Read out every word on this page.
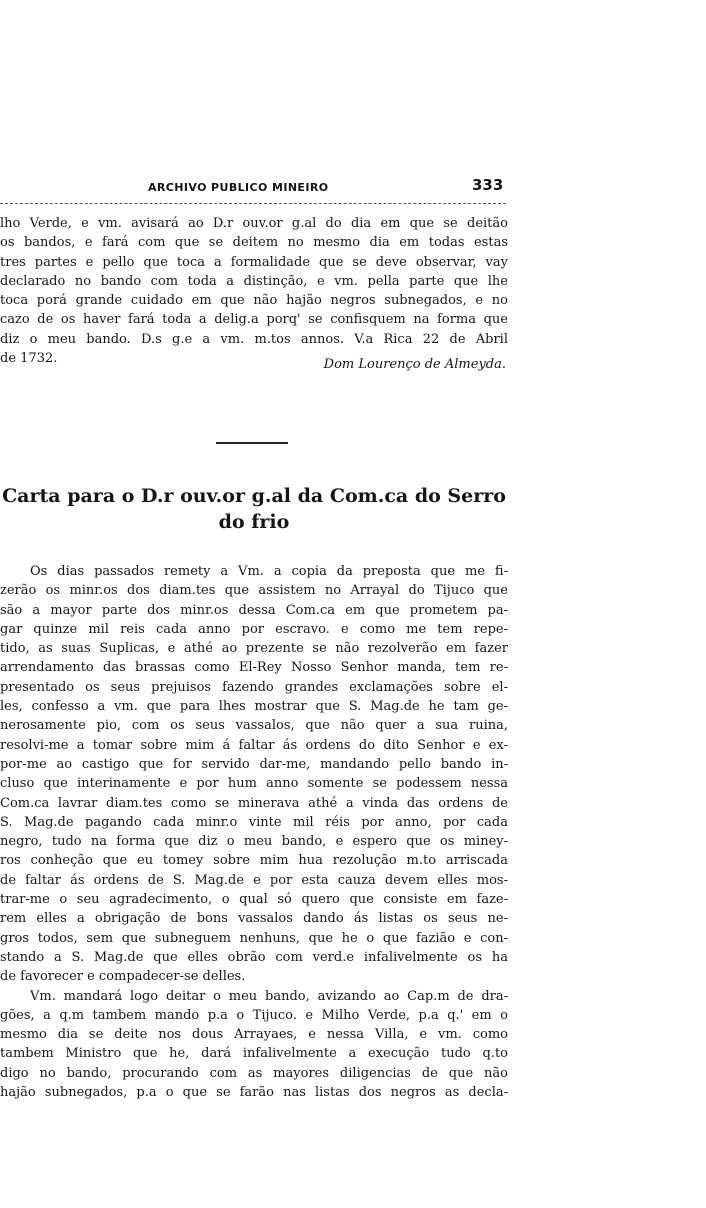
ARCHIVO PUBLICO MINEIRO	333
lho Verde, e vm. avisará ao D.r ouv.or g.al do dia em que se deitão
os bandos, e fará com que se deitem no mesmo dia em todas estas
tres partes e pello que toca a formalidade que se deve observar, vay
declarado no bando com toda a distinção, e vm. pella parte que lhe
toca porá grande cuidado em que não hajão negros subnegados, e no
cazo de os haver fará toda a delig.a porq' se confisquem na forma que
diz o meu bando. D.s g.e a vm. m.tos annos. V.a Rica 22 de Abril
de 1732.	Dom Lourenço de Almeyda.
Carta para o D.r ouv.or g.al da Com.ca do Serro
do frio
Os dias passados remety a Vm. a copia da preposta que me fi-
zerão os minr.os dos diam.tes que assistem no Arrayal do Tijuco que
são a mayor parte dos minr.os dessa Com.ca em que prometem pa-
gar quinze mil reis cada anno por escravo. e como me tem repe-
tido, as suas Suplicas, e athé ao prezente se não rezolverão em fazer
arrendamento das brassas como El-Rey Nosso Senhor manda, tem re-
presentado os seus prejuisos fazendo grandes exclamações sobre el-
les, confesso a vm. que para lhes mostrar que S. Mag.de he tam ge-
nerosamente pio, com os seus vassalos, que não quer a sua ruina,
resolvi-me a tomar sobre mim á faltar ás ordens do dito Senhor e ex-
por-me ao castigo que for servido dar-me, mandando pello bando in-
cluso que interinamente e por hum anno somente se podessem nessa
Com.ca lavrar diam.tes como se minerava athé a vinda das ordens de
S. Mag.de pagando cada minr.o vinte mil réis por anno, por cada
negro, tudo na forma que diz o meu bando, e espero que os miney-
ros conheção que eu tomey sobre mim hua rezolução m.to arriscada
de faltar ás ordens de S. Mag.de e por esta cauza devem elles mos-
trar-me o seu agradecimento, o qual só quero que consiste em faze-
rem elles a obrigação de bons vassalos dando ás listas os seus ne-
gros todos, sem que subneguem nenhuns, que he o que fazião e con-
stando a S. Mag.de que elles obrão com verd.e infalivelmente os ha
de favorecer e compadecer-se delles.
Vm. mandará logo deitar o meu bando, avizando ao Cap.m de dra-
gões, a q.m tambem mando p.a o Tijuco. e Milho Verde, p.a q.' em o
mesmo dia se deite nos dous Arrayaes, e nessa Villa, e vm. como
tambem Ministro que he, dará infalivelmente a execução tudo q.to
digo no bando, procurando com as mayores diligencias de que não
hajão subnegados, p.a o que se farão nas listas dos negros as decla-
